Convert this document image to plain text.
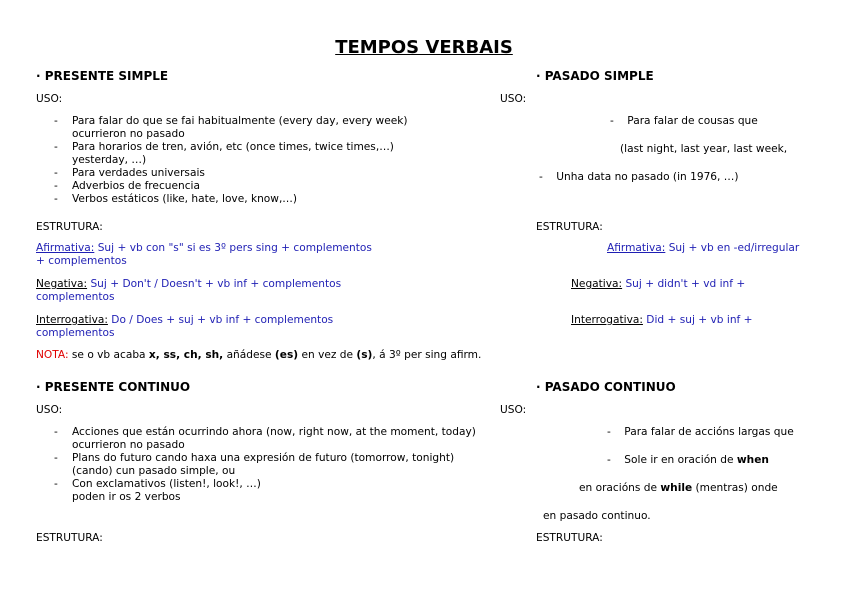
TEMPOS VERBAIS
· PRESENTE SIMPLE
USO:
- Para falar do que se fai habitualmente (every day, every week)
ocurrieron no pasado
- Para horarios de tren, avión, etc (once times, twice times,…)
yesterday, …)
- Para verdades universais
- Adverbios de frecuencia
- Verbos estáticos (like, hate, love, know,…)
ESTRUTURA:
Afirmativa: Suj + vb con "s" si es 3º pers sing + complementos
+ complementos
Negativa: Suj + Don't / Doesn't + vb inf + complementos
complementos
Interrogativa: Do / Does + suj + vb inf + complementos
complementos
NOTA: se o vb acaba x, ss, ch, sh, añádese (es) en vez de (s), á 3º per sing afirm.
· PASADO SIMPLE
USO:
-    Para falar de cousas que
(last night, last year, last week,
-    Unha data no pasado (in 1976, …)
ESTRUTURA:
Afirmativa: Suj + vb en -ed/irregular
Negativa: Suj + didn't + vd inf +
Interrogativa: Did + suj + vb inf +
· PRESENTE CONTINUO
USO:
- Acciones que están ocurrindo ahora (now, right now, at the moment, today)
ocurrieron no pasado
- Plans do futuro cando haxa una expresión de futuro (tomorrow, tonight)
(cando) cun pasado simple, ou
- Con exclamativos (listen!, look!, …)
poden ir os 2 verbos
ESTRUTURA:
· PASADO CONTINUO
USO:
-    Para falar de accións largas que
-    Sole ir en oración de when
en oracións de while (mentras) onde
en pasado continuo.
ESTRUTURA:
